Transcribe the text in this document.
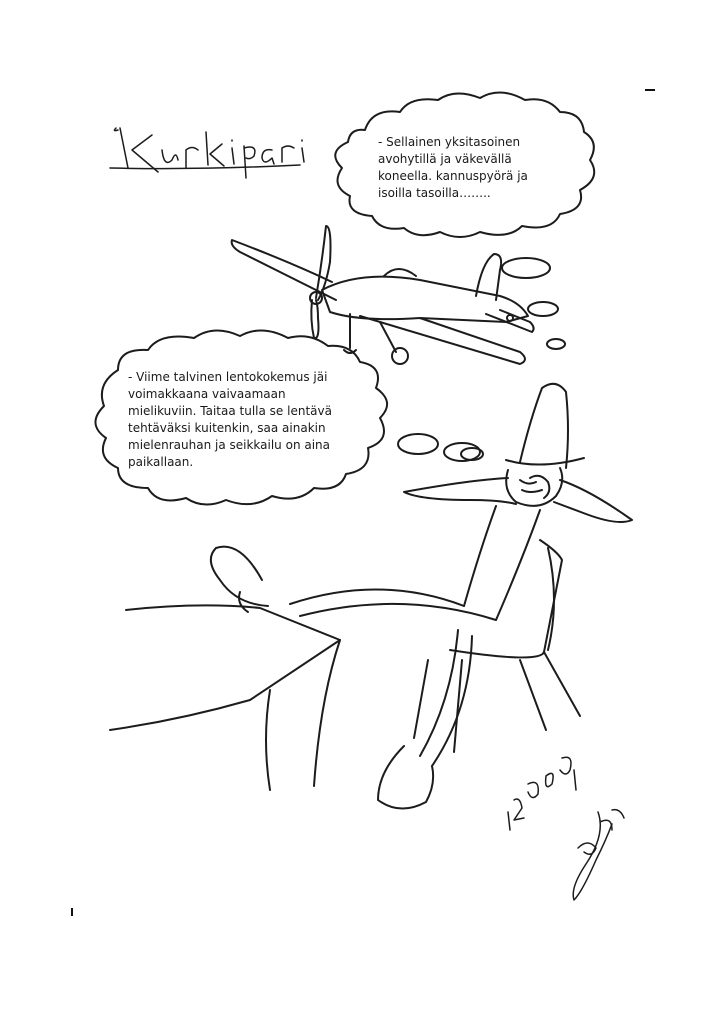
Kurkipari	- Sellainen yksitasoinen avohytillä ja väkevällä koneella. kannuspyörä ja isoilla tasoilla……..

- Viime talvinen lentokokemus jäi voimakkaana vaivaamaan mielikuviin. Taitaa tulla se lentävä tehtäväksi kuitenkin, saa ainakin mielenrauhan ja seikkailu on aina paikallaan.
